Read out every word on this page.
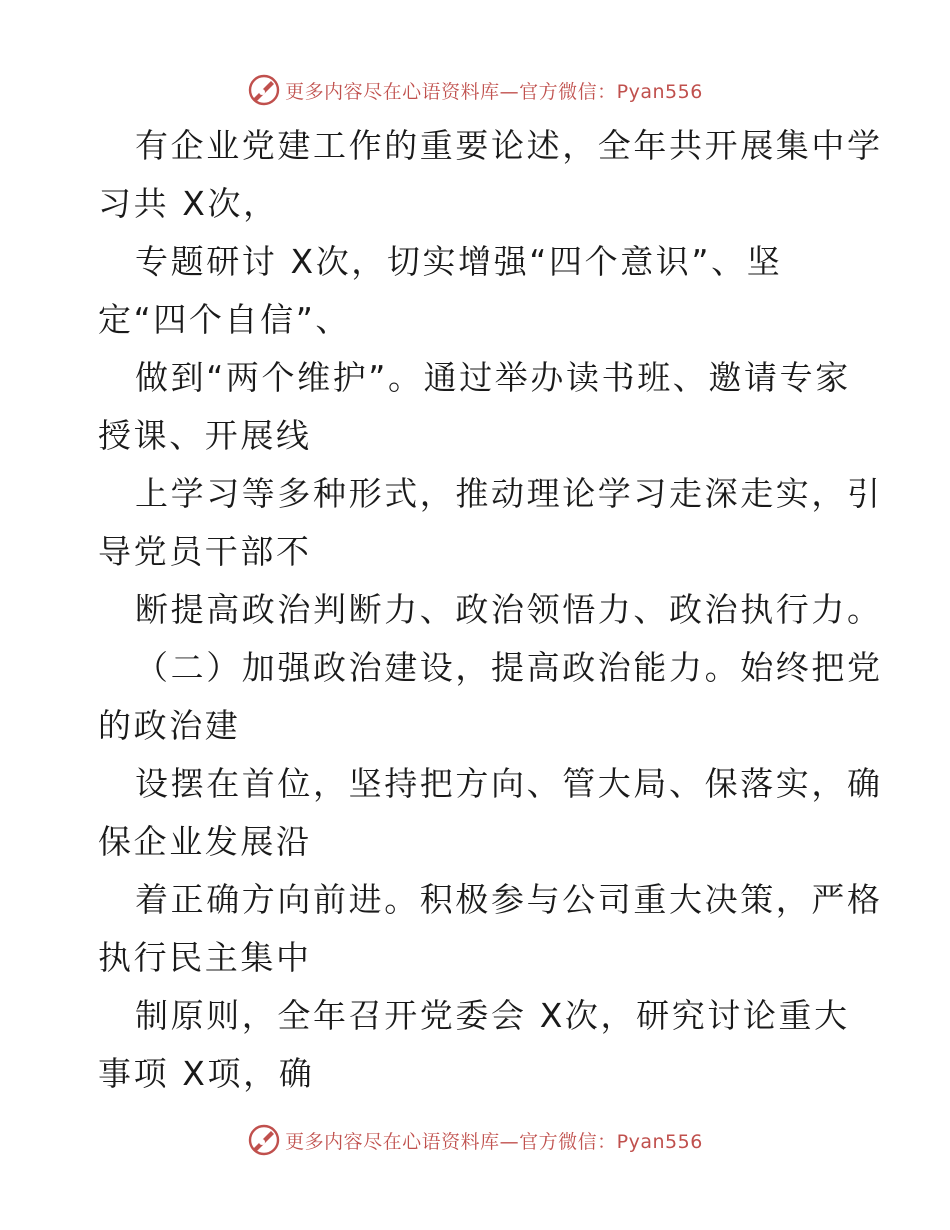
更多内容尽在心语资料库—官方微信：Pyan556
有企业党建工作的重要论述，全年共开展集中学
习共 X次，
专题研讨 X次，切实增强“四个意识”、坚
定“四个自信”、
做到“两个维护”。通过举办读书班、邀请专家
授课、开展线
上学习等多种形式，推动理论学习走深走实，引
导党员干部不
断提高政治判断力、政治领悟力、政治执行力。
（二）加强政治建设，提高政治能力。始终把党
的政治建
设摆在首位，坚持把方向、管大局、保落实，确
保企业发展沿
着正确方向前进。积极参与公司重大决策，严格
执行民主集中
制原则，全年召开党委会 X次，研究讨论重大
事项 X项，确
更多内容尽在心语资料库—官方微信：Pyan556
